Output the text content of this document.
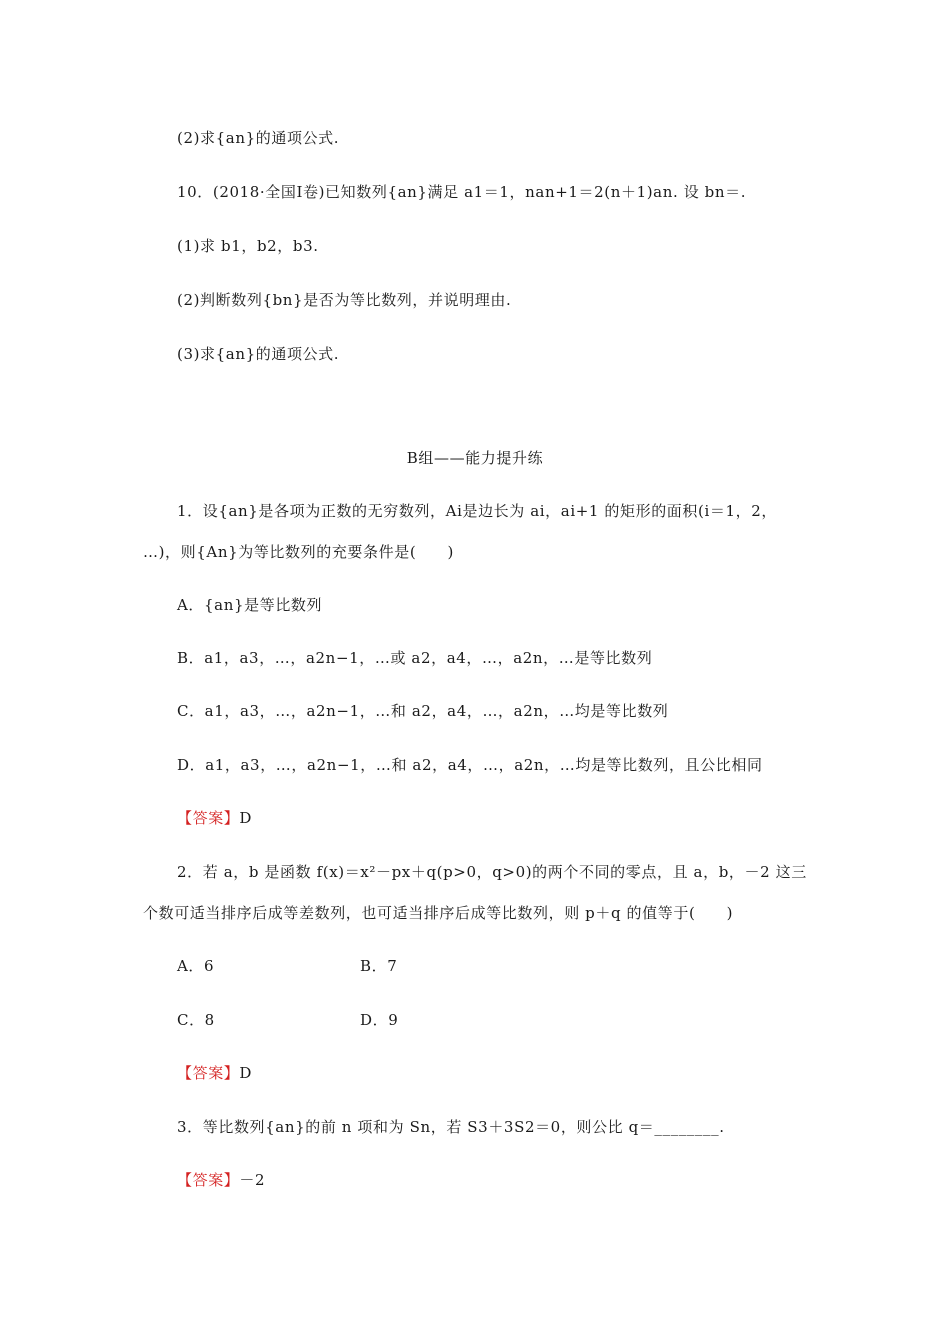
(2)求{an}的通项公式.
10．(2018·全国Ⅰ卷)已知数列{an}满足 a1＝1，nan+1＝2(n＋1)an. 设 bn＝.
(1)求 b1，b2，b3.
(2)判断数列{bn}是否为等比数列，并说明理由.
(3)求{an}的通项公式.
B组——能力提升练
1．设{an}是各项为正数的无穷数列，Ai是边长为 ai，ai+1 的矩形的面积(i＝1，2，
…)，则{An}为等比数列的充要条件是(　　)
A．{an}是等比数列
B．a1，a3，…，a2n−1，…或 a2，a4，…，a2n，…是等比数列
C．a1，a3，…，a2n−1，…和 a2，a4，…，a2n，…均是等比数列
D．a1，a3，…，a2n−1，…和 a2，a4，…，a2n，…均是等比数列，且公比相同
【答案】D
2．若 a，b 是函数 f(x)＝x²－px＋q(p>0，q>0)的两个不同的零点，且 a，b，－2 这三
个数可适当排序后成等差数列，也可适当排序后成等比数列，则 p＋q 的值等于(　　)
A．6	B．7
C．8	D．9
【答案】D
3．等比数列{an}的前 n 项和为 Sn，若 S3＋3S2＝0，则公比 q＝________.
【答案】－2
